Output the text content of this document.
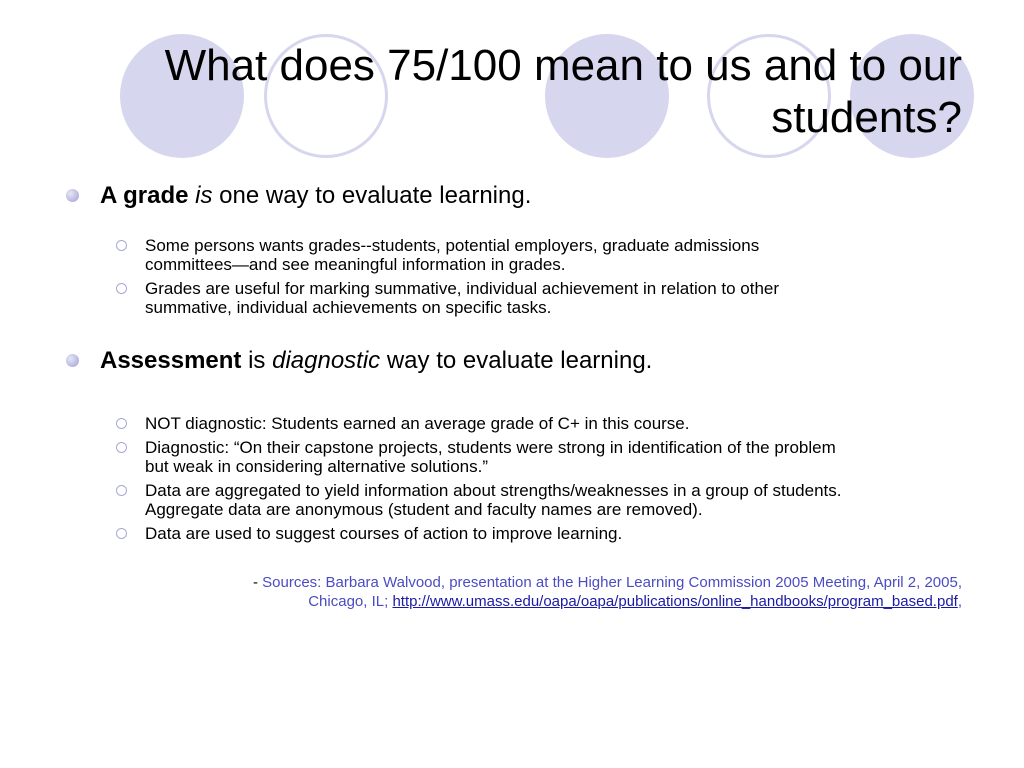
What does 75/100 mean to us and to our
students?
A grade is one way to evaluate learning.
Some persons wants grades--students, potential employers, graduate admissions
committees—and see meaningful information in grades.
Grades are useful for marking summative, individual achievement in relation to other
summative, individual achievements on specific tasks.
Assessment is diagnostic way to evaluate learning.
NOT diagnostic: Students earned an average grade of C+ in this course.
Diagnostic: “On their capstone projects, students were strong in identification of the problem
but weak in considering alternative solutions.”
Data are aggregated to yield information about strengths/weaknesses in a group of students.
Aggregate data are anonymous (student and faculty names are removed).
Data are used to suggest courses of action to improve learning.
- Sources: Barbara Walvood, presentation at the Higher Learning Commission 2005 Meeting, April 2, 2005,
Chicago, IL; http://www.umass.edu/oapa/oapa/publications/online_handbooks/program_based.pdf,
